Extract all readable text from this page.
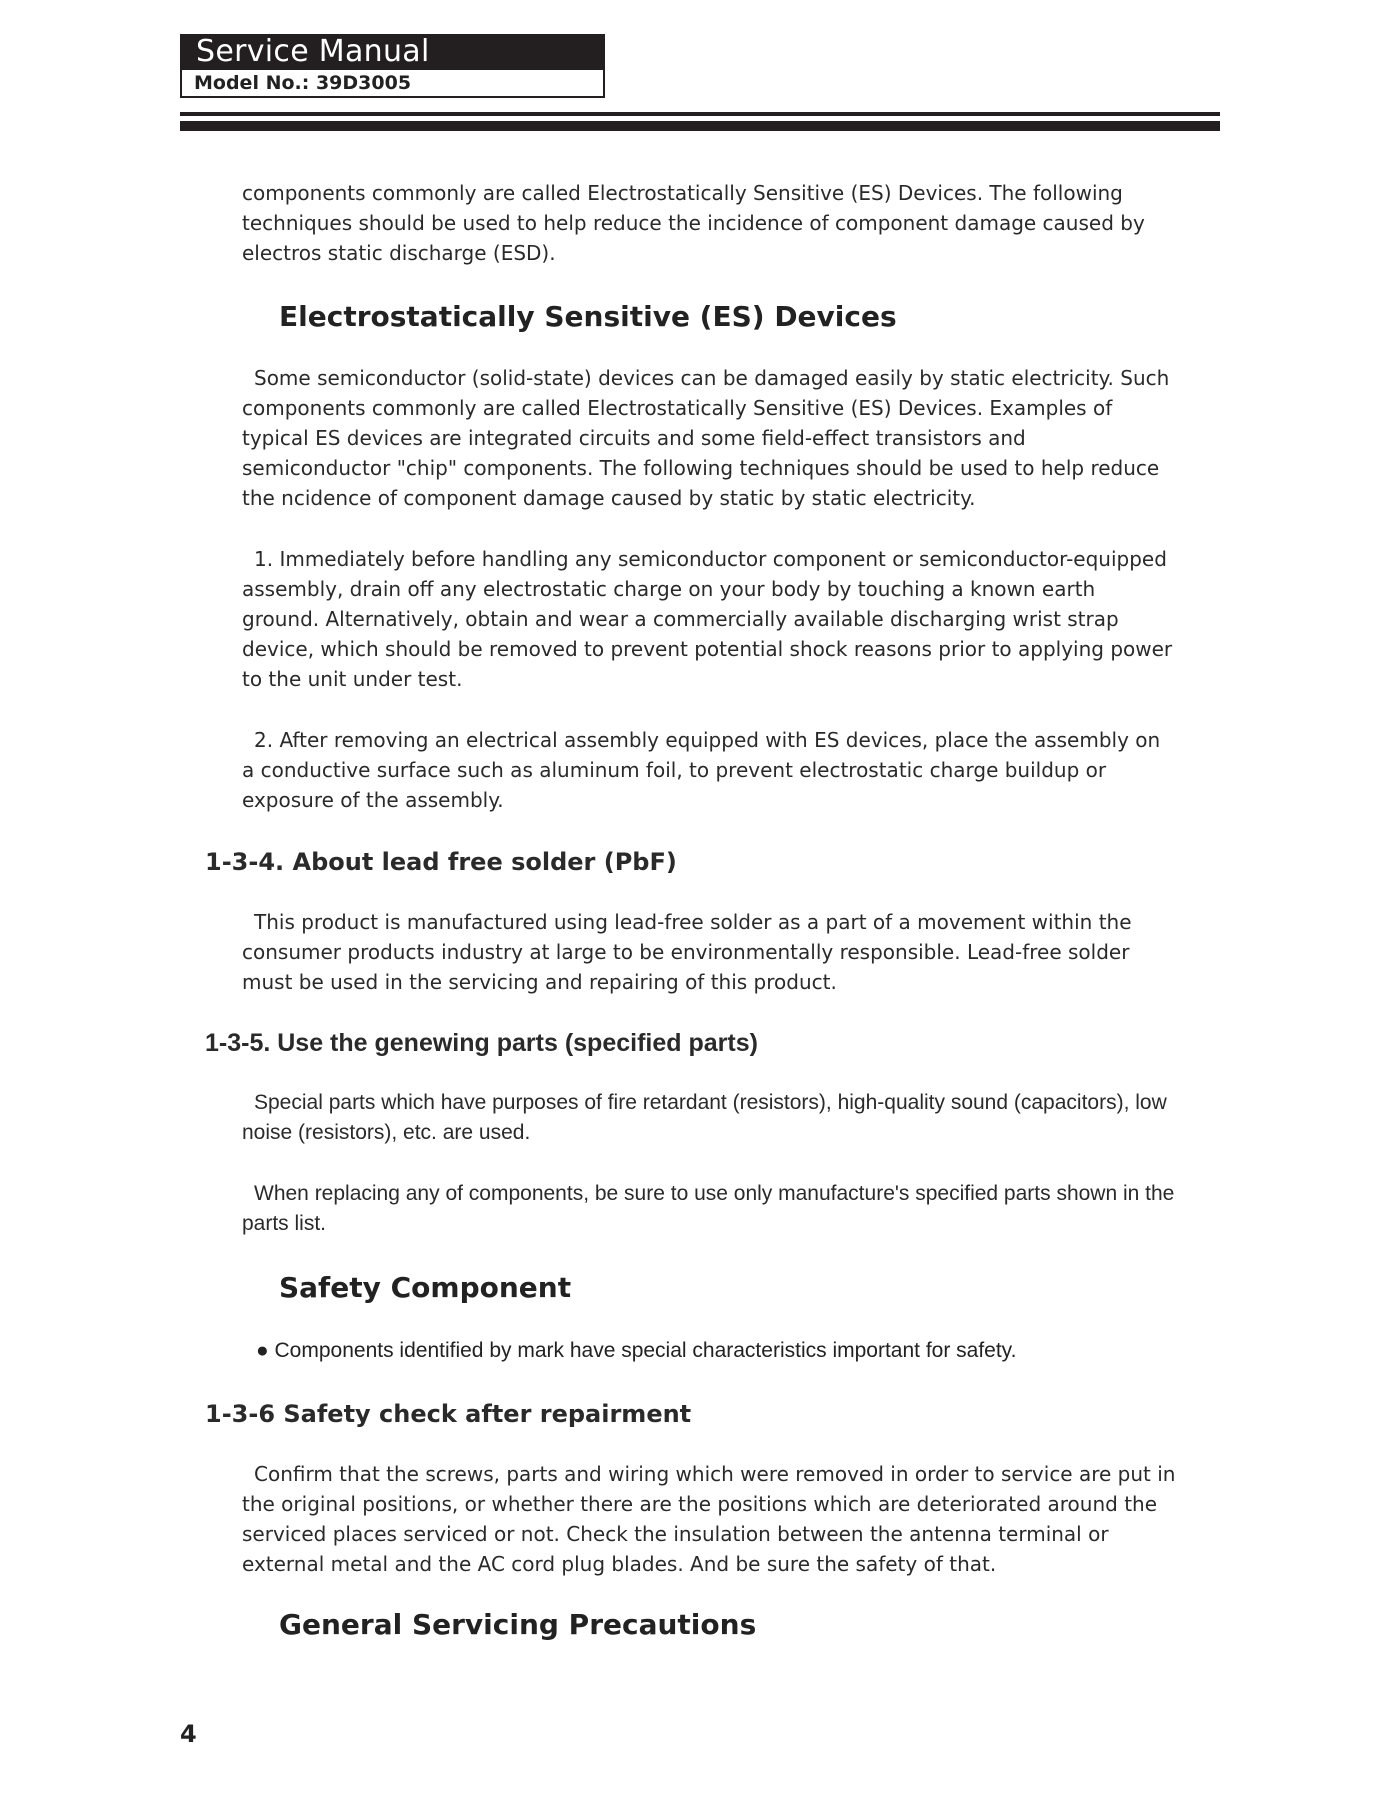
Service Manual
Model No.: 39D3005

components commonly are called Electrostatically Sensitive (ES) Devices. The following techniques should be used to help reduce the incidence of component damage caused by electros static discharge (ESD).

Electrostatically Sensitive (ES) Devices

Some semiconductor (solid-state) devices can be damaged easily by static electricity. Such components commonly are called Electrostatically Sensitive (ES) Devices. Examples of typical ES devices are integrated circuits and some field-effect transistors and semiconductor "chip" components. The following techniques should be used to help reduce the ncidence of component damage caused by static by static electricity.

1. Immediately before handling any semiconductor component or semiconductor-equipped assembly, drain off any electrostatic charge on your body by touching a known earth ground. Alternatively, obtain and wear a commercially available discharging wrist strap device, which should be removed to prevent potential shock reasons prior to applying power to the unit under test.

2. After removing an electrical assembly equipped with ES devices, place the assembly on a conductive surface such as aluminum foil, to prevent electrostatic charge buildup or exposure of the assembly.

1-3-4. About lead free solder (PbF)

This product is manufactured using lead-free solder as a part of a movement within the consumer products industry at large to be environmentally responsible. Lead-free solder must be used in the servicing and repairing of this product.

1-3-5. Use the genewing parts (specified parts)

Special parts which have purposes of fire retardant (resistors), high-quality sound (capacitors), low noise (resistors), etc. are used.

When replacing any of components, be sure to use only manufacture's specified parts shown in the parts list.

Safety Component

● Components identified by mark have special characteristics important for safety.

1-3-6 Safety check after repairment

Confirm that the screws, parts and wiring which were removed in order to service are put in the original positions, or whether there are the positions which are deteriorated around the serviced places serviced or not. Check the insulation between the antenna terminal or external metal and the AC cord plug blades. And be sure the safety of that.

General Servicing Precautions
4
